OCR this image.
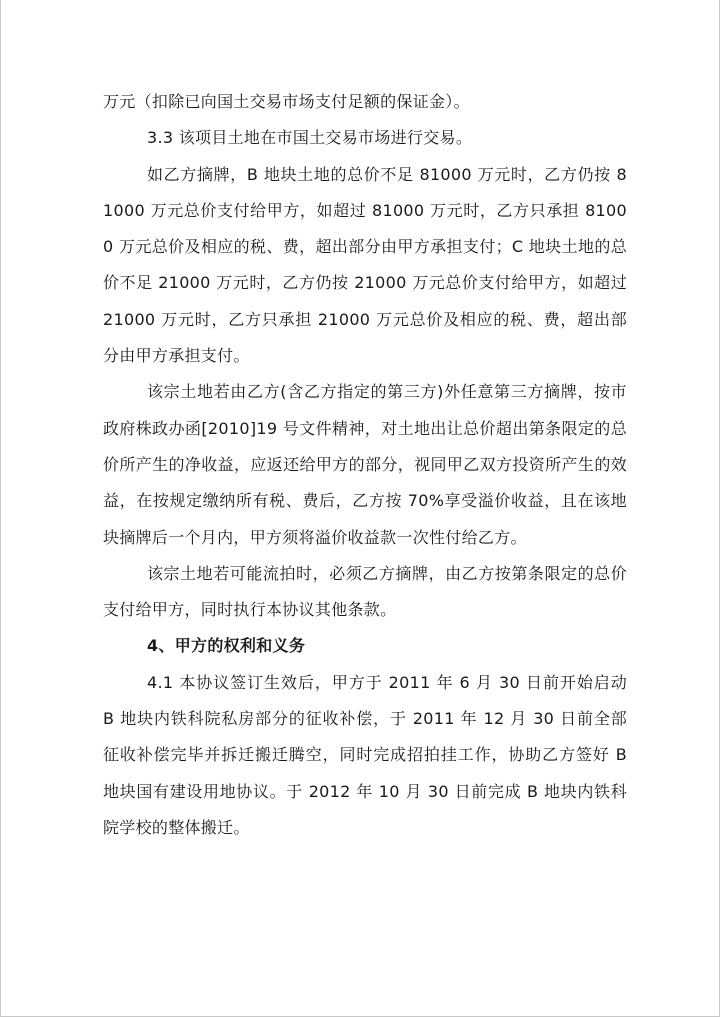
万元（扣除已向国土交易市场支付足额的保证金）。

3.3 该项目土地在市国土交易市场进行交易。

如乙方摘牌，B 地块土地的总价不足 81000 万元时，乙方仍按 81000 万元总价支付给甲方，如超过 81000 万元时，乙方只承担 81000 万元总价及相应的税、费，超出部分由甲方承担支付；C 地块土地的总价不足 21000 万元时，乙方仍按 21000 万元总价支付给甲方，如超过 21000 万元时，乙方只承担 21000 万元总价及相应的税、费，超出部分由甲方承担支付。

该宗土地若由乙方(含乙方指定的第三方)外任意第三方摘牌，按市政府株政办函[2010]19 号文件精神，对土地出让总价超出第条限定的总价所产生的净收益，应返还给甲方的部分，视同甲乙双方投资所产生的效益，在按规定缴纳所有税、费后，乙方按 70%享受溢价收益，且在该地块摘牌后一个月内，甲方须将溢价收益款一次性付给乙方。

该宗土地若可能流拍时，必须乙方摘牌，由乙方按第条限定的总价支付给甲方，同时执行本协议其他条款。

4、甲方的权利和义务

4.1 本协议签订生效后，甲方于 2011 年 6 月 30 日前开始启动 B 地块内铁科院私房部分的征收补偿，于 2011 年 12 月 30 日前全部征收补偿完毕并拆迁搬迁腾空，同时完成招拍挂工作，协助乙方签好 B 地块国有建设用地协议。于 2012 年 10 月 30 日前完成 B 地块内铁科院学校的整体搬迁。
